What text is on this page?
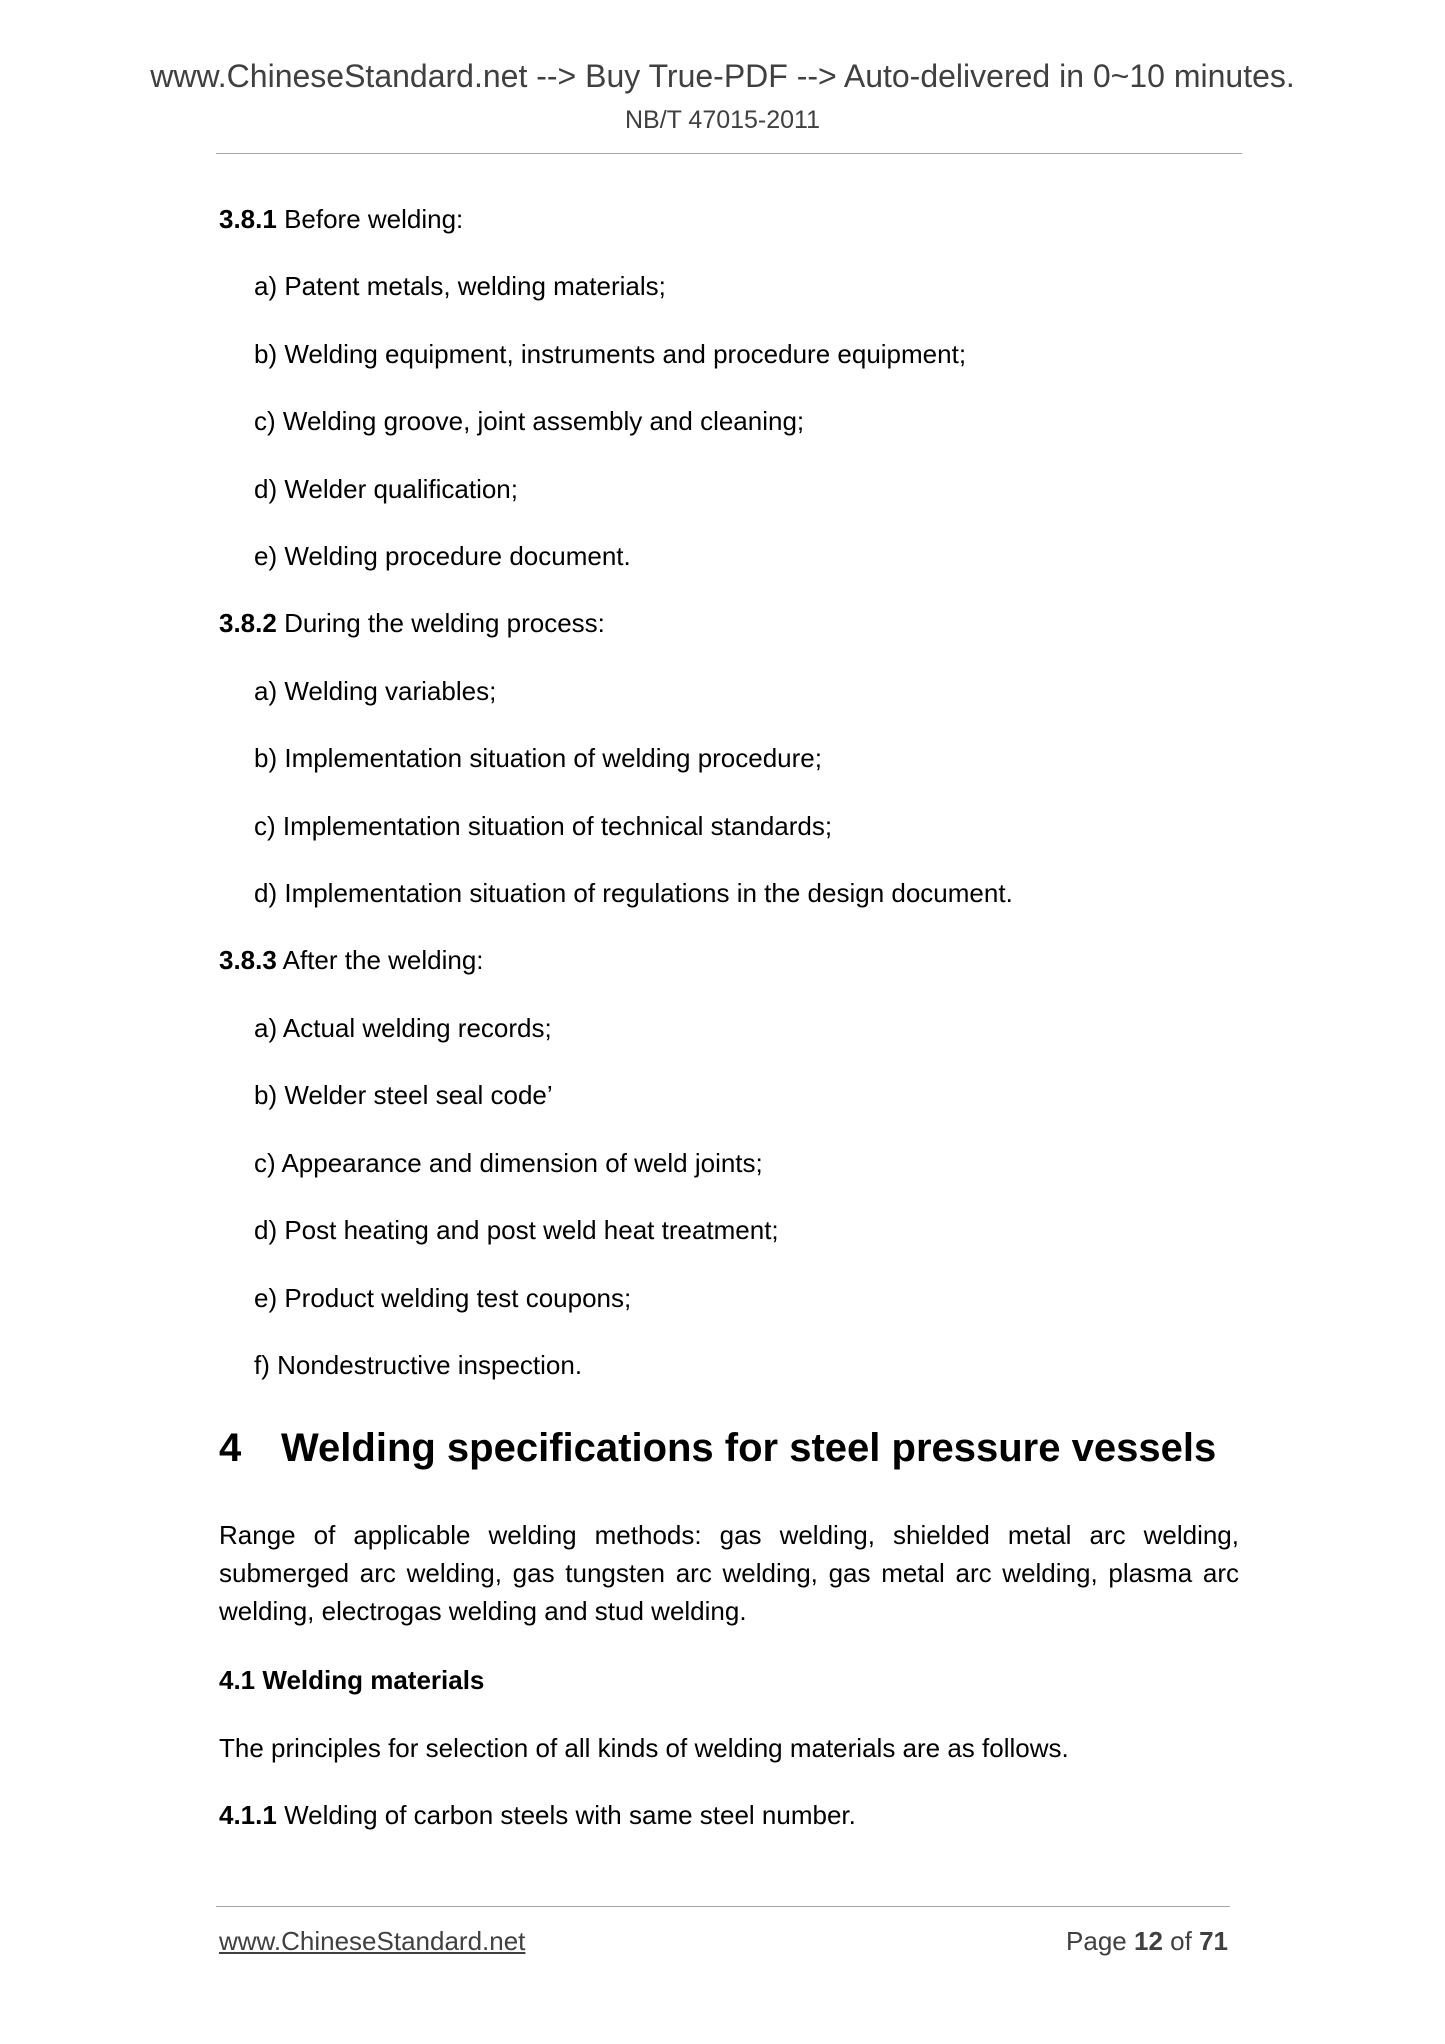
www.ChineseStandard.net --> Buy True-PDF --> Auto-delivered in 0~10 minutes.
NB/T 47015-2011
3.8.1 Before welding:
a) Patent metals, welding materials;
b) Welding equipment, instruments and procedure equipment;
c) Welding groove, joint assembly and cleaning;
d) Welder qualification;
e) Welding procedure document.
3.8.2 During the welding process:
a) Welding variables;
b) Implementation situation of welding procedure;
c) Implementation situation of technical standards;
d) Implementation situation of regulations in the design document.
3.8.3 After the welding:
a) Actual welding records;
b) Welder steel seal code’
c) Appearance and dimension of weld joints;
d) Post heating and post weld heat treatment;
e) Product welding test coupons;
f) Nondestructive inspection.
4 Welding specifications for steel pressure vessels
Range of applicable welding methods: gas welding, shielded metal arc welding, submerged arc welding, gas tungsten arc welding, gas metal arc welding, plasma arc welding, electrogas welding and stud welding.
4.1 Welding materials
The principles for selection of all kinds of welding materials are as follows.
4.1.1 Welding of carbon steels with same steel number.
www.ChineseStandard.net	Page 12 of 71
